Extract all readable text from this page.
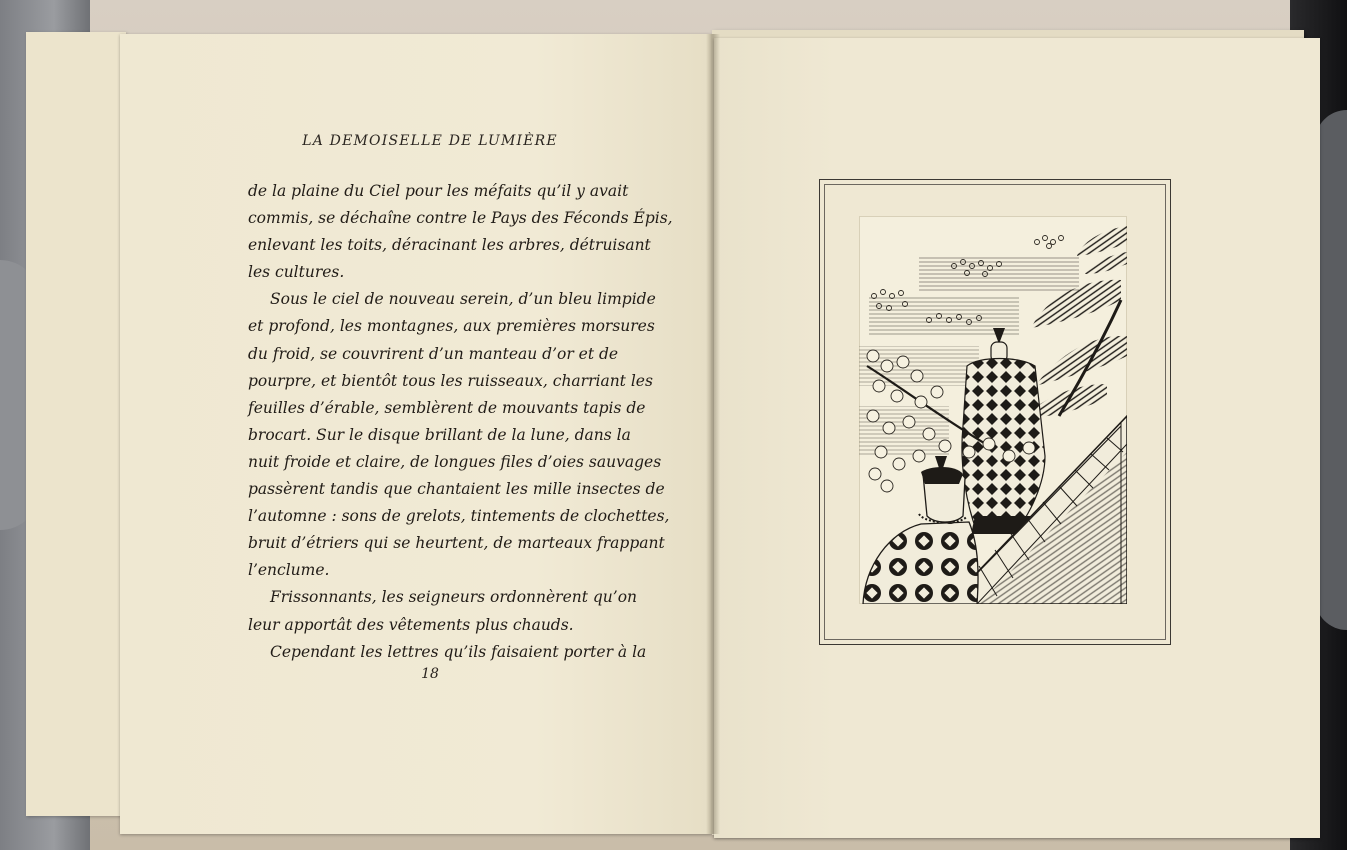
LA DEMOISELLE DE LUMIÈRE
de la plaine du Ciel pour les méfaits qu’il y avait
commis, se déchaîne contre le Pays des Féconds Épis,
enlevant les toits, déracinant les arbres, détruisant
les cultures.
Sous le ciel de nouveau serein, d’un bleu limpide
et profond, les montagnes, aux premières morsures
du froid, se couvrirent d’un manteau d’or et de
pourpre, et bientôt tous les ruisseaux, charriant les
feuilles d’érable, semblèrent de mouvants tapis de
brocart. Sur le disque brillant de la lune, dans la
nuit froide et claire, de longues files d’oies sauvages
passèrent tandis que chantaient les mille insectes de
l’automne : sons de grelots, tintements de clochettes,
bruit d’étriers qui se heurtent, de marteaux frappant
l’enclume.
Frissonnants, les seigneurs ordonnèrent qu’on
leur apportât des vêtements plus chauds.
Cependant les lettres qu’ils faisaient porter à la
18
